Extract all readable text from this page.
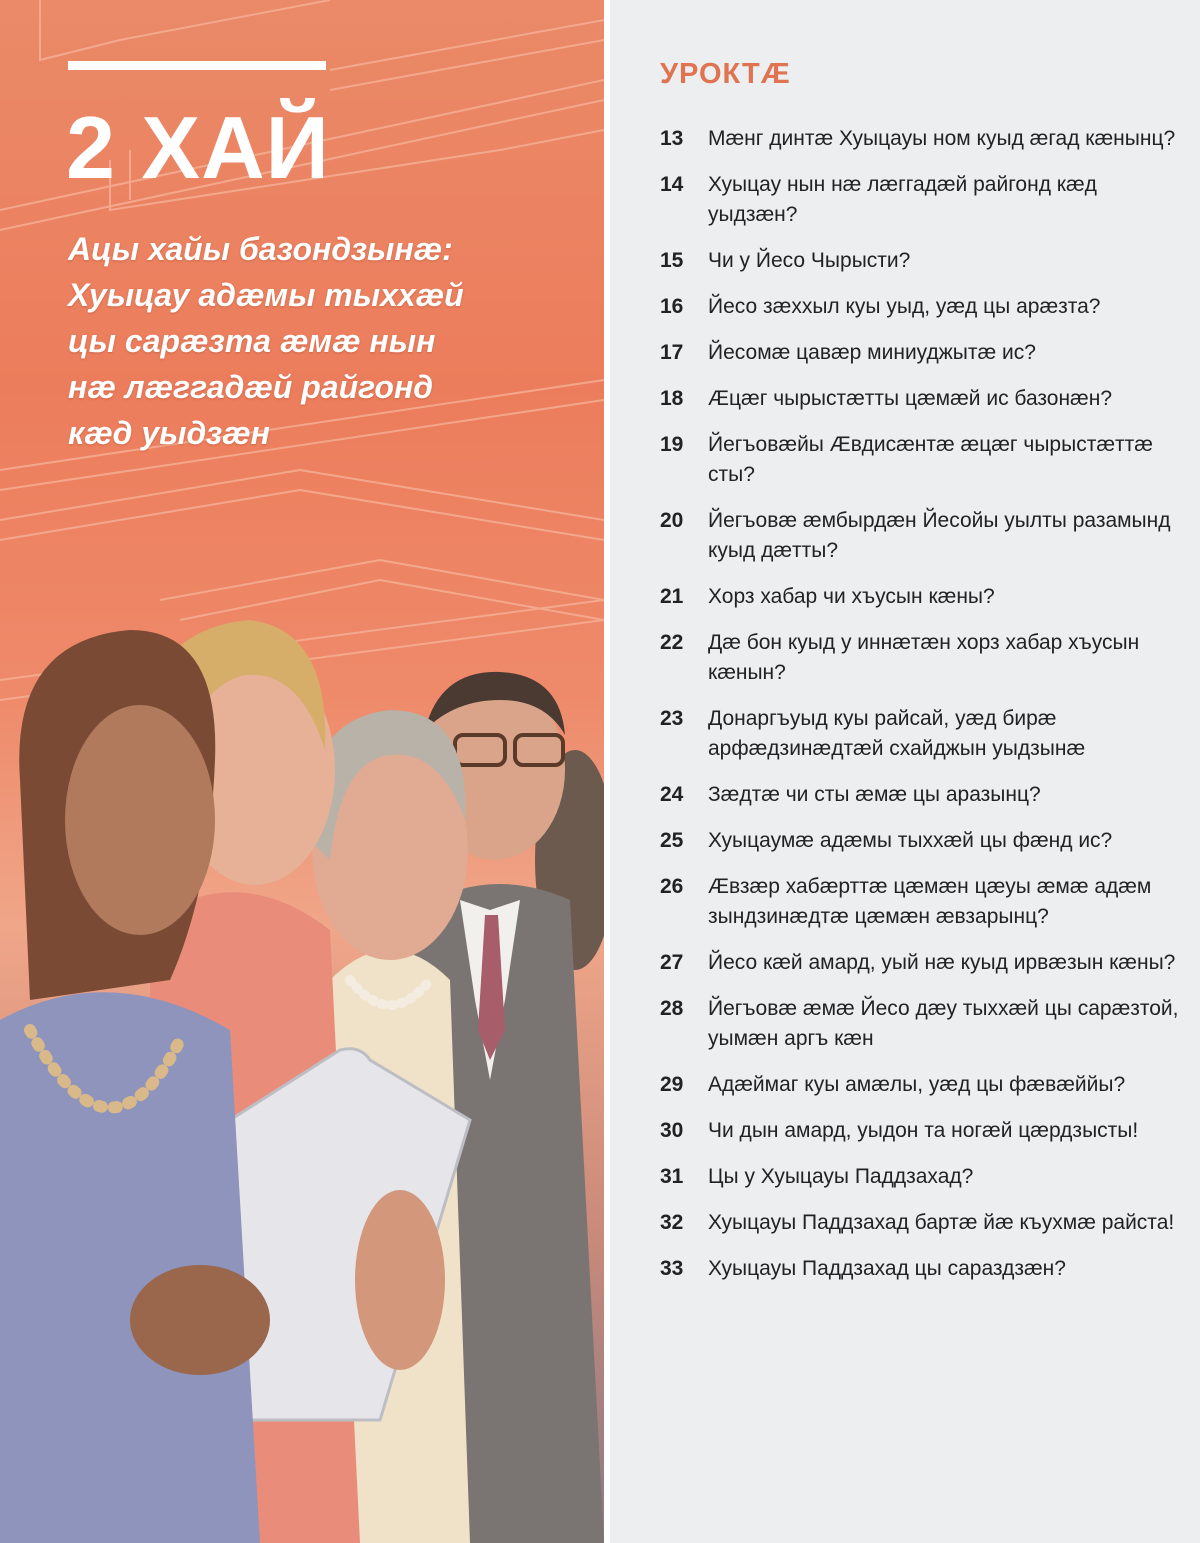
2 ХАЙ
Ацы хайы базондзынæ: Хуыцау адæмы тыххæй цы сарæзта æмæ нын нæ лæггадæй райгонд кæд уыдзæн
УРОКТÆ
13	Мæнг динтæ Хуыцауы ном куыд æгад кæнынц?
14	Хуыцау нын нæ лæггадæй райгонд кæд уыдзæн?
15	Чи у Йесо Чырысти?
16	Йесо зæххыл куы уыд, уæд цы арæзта?
17	Йесомæ цавæр миниуджытæ ис?
18	Æцæг чырыстæтты цæмæй ис базонæн?
19	Йегъовæйы Æвдисæнтæ æцæг чырыстæттæ сты?
20	Йегъовæ æмбырдæн Йесойы уылты разамынд куыд дæтты?
21	Хорз хабар чи хъусын кæны?
22	Дæ бон куыд у иннæтæн хорз хабар хъусын кæнын?
23	Донаргъуыд куы райсай, уæд бирæ арфæдзинæдтæй схайджын уыдзынæ
24	Зæдтæ чи сты æмæ цы аразынц?
25	Хуыцаумæ адæмы тыххæй цы фæнд ис?
26	Æвзæр хабæрттæ цæмæн цæуы æмæ адæм зындзинæдтæ цæмæн æвзарынц?
27	Йесо кæй амард, уый нæ куыд ирвæзын кæны?
28	Йегъовæ æмæ Йесо дæу тыххæй цы сарæзтой, уымæн аргъ кæн
29	Адæймаг куы амæлы, уæд цы фæвæййы?
30	Чи дын амард, уыдон та ногæй цæрдзысты!
31	Цы у Хуыцауы Паддзахад?
32	Хуыцауы Паддзахад бартæ йæ къухмæ райста!
33	Хуыцауы Паддзахад цы сараздзæн?
